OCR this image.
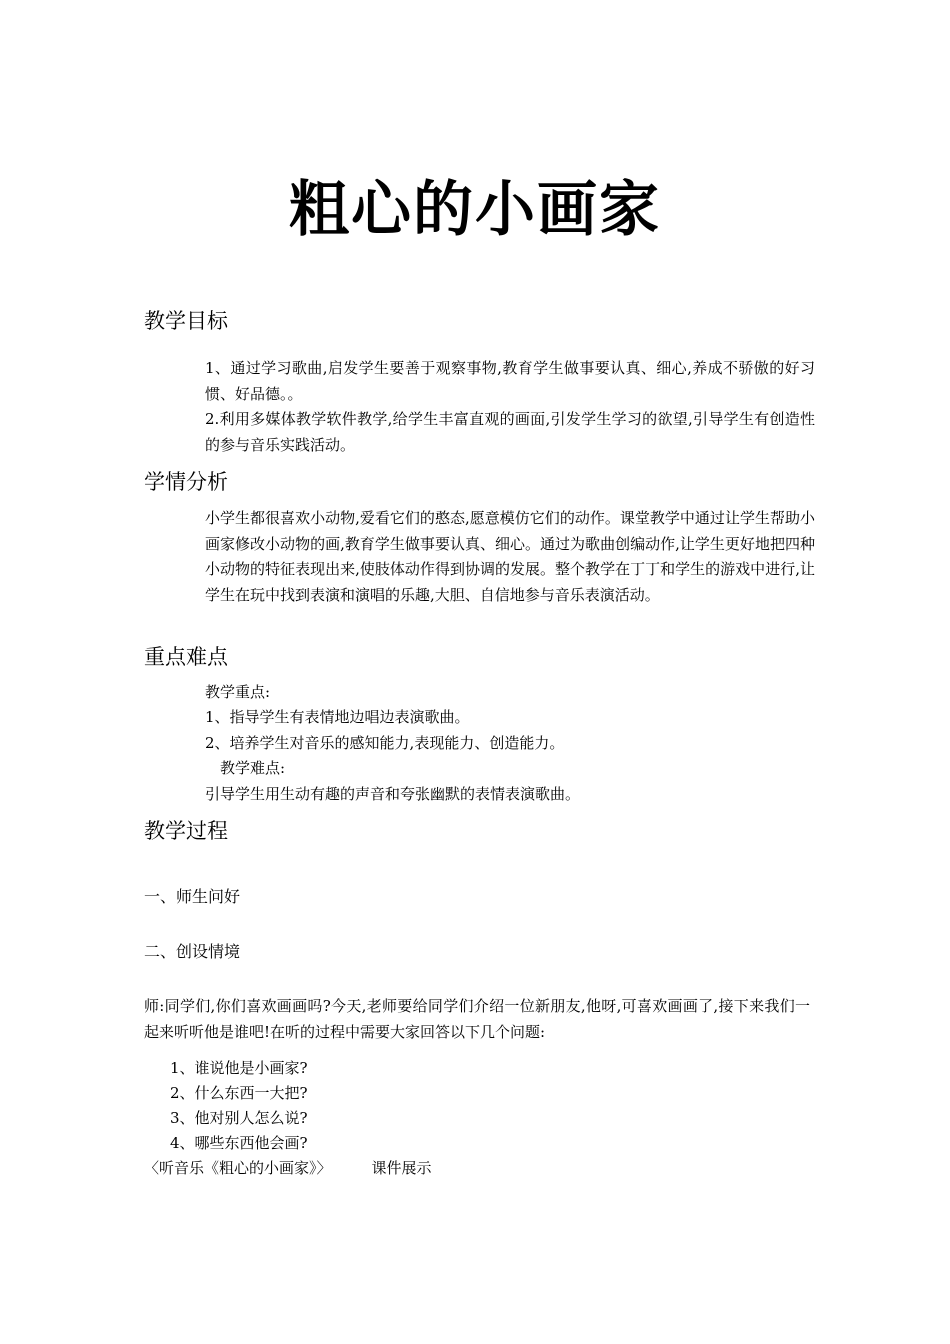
粗心的小画家
教学目标

1、通过学习歌曲,启发学生要善于观察事物,教育学生做事要认真、细心,养成不骄傲的好习惯、好品德。。

2.利用多媒体教学软件教学,给学生丰富直观的画面,引发学生学习的欲望,引导学生有创造性的参与音乐实践活动。

学情分析
小学生都很喜欢小动物,爱看它们的憨态,愿意模仿它们的动作。课堂教学中通过让学生帮助小画家修改小动物的画,教育学生做事要认真、细心。通过为歌曲创编动作,让学生更好地把四种小动物的特征表现出来,使肢体动作得到协调的发展。整个教学在丁丁和学生的游戏中进行,让学生在玩中找到表演和演唱的乐趣,大胆、自信地参与音乐表演活动。
重点难点
教学重点:
1、指导学生有表情地边唱边表演歌曲。
2、培养学生对音乐的感知能力,表现能力、创造能力。
教学难点:
引导学生用生动有趣的声音和夸张幽默的表情表演歌曲。
教学过程
一、师生问好
二、创设情境
师:同学们,你们喜欢画画吗?今天,老师要给同学们介绍一位新朋友,他呀,可喜欢画画了,接下来我们一起来听听他是谁吧!在听的过程中需要大家回答以下几个问题:
1、谁说他是小画家?
2、什么东西一大把?
3、他对别人怎么说?
4、哪些东西他会画?
〈听音乐《粗心的小画家》〉	课件展示
